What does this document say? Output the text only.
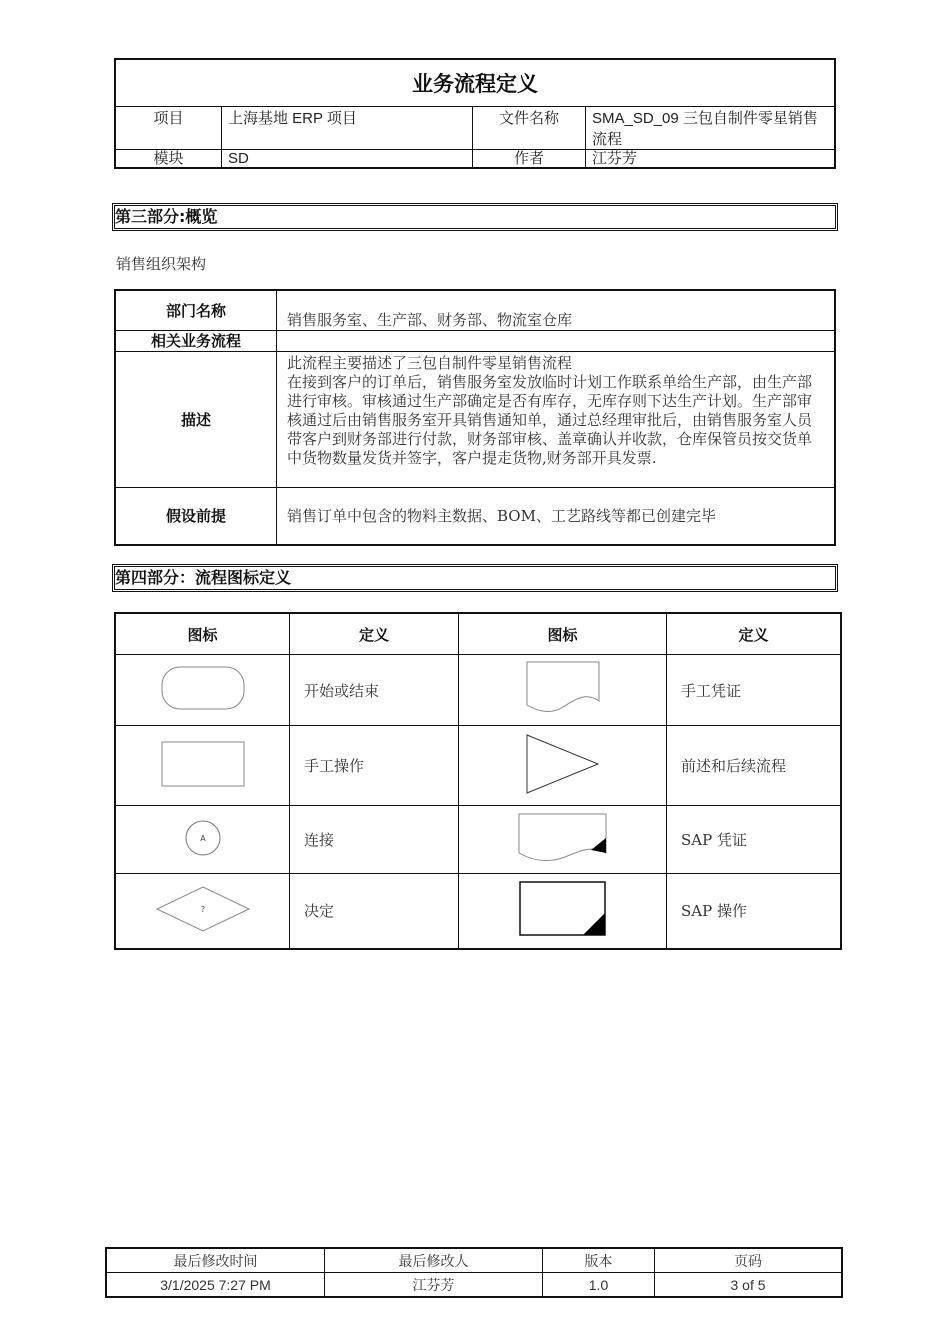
业务流程定义			
项目	上海基地 ERP 项目	文件名称	SMA_SD_09 三包自制件零星销售流程
模块	SD	作者	江芬芳
第三部分:概览
销售组织架构
部门名称	销售服务室、生产部、财务部、物流室仓库
相关业务流程	
描述	此流程主要描述了三包自制件零星销售流程
在接到客户的订单后，销售服务室发放临时计划工作联系单给生产部，由生产部进行审核。审核通过生产部确定是否有库存，无库存则下达生产计划。生产部审核通过后由销售服务室开具销售通知单，通过总经理审批后，由销售服务室人员带客户到财务部进行付款，财务部审核、盖章确认并收款，仓库保管员按交货单中货物数量发货并签字，客户提走货物,财务部开具发票.

假设前提	销售订单中包含的物料主数据、BOM、工艺路线等都已创建完毕
第四部分：流程图标定义
图标	定义	图标	定义
	开始或结束		手工凭证
	手工操作		前述和后续流程

A	连接		SAP 凭证

?	决定		SAP 操作
最后修改时间	最后修改人	版本	页码
3/1/2025 7:27 PM	江芬芳	1.0	3 of 5
